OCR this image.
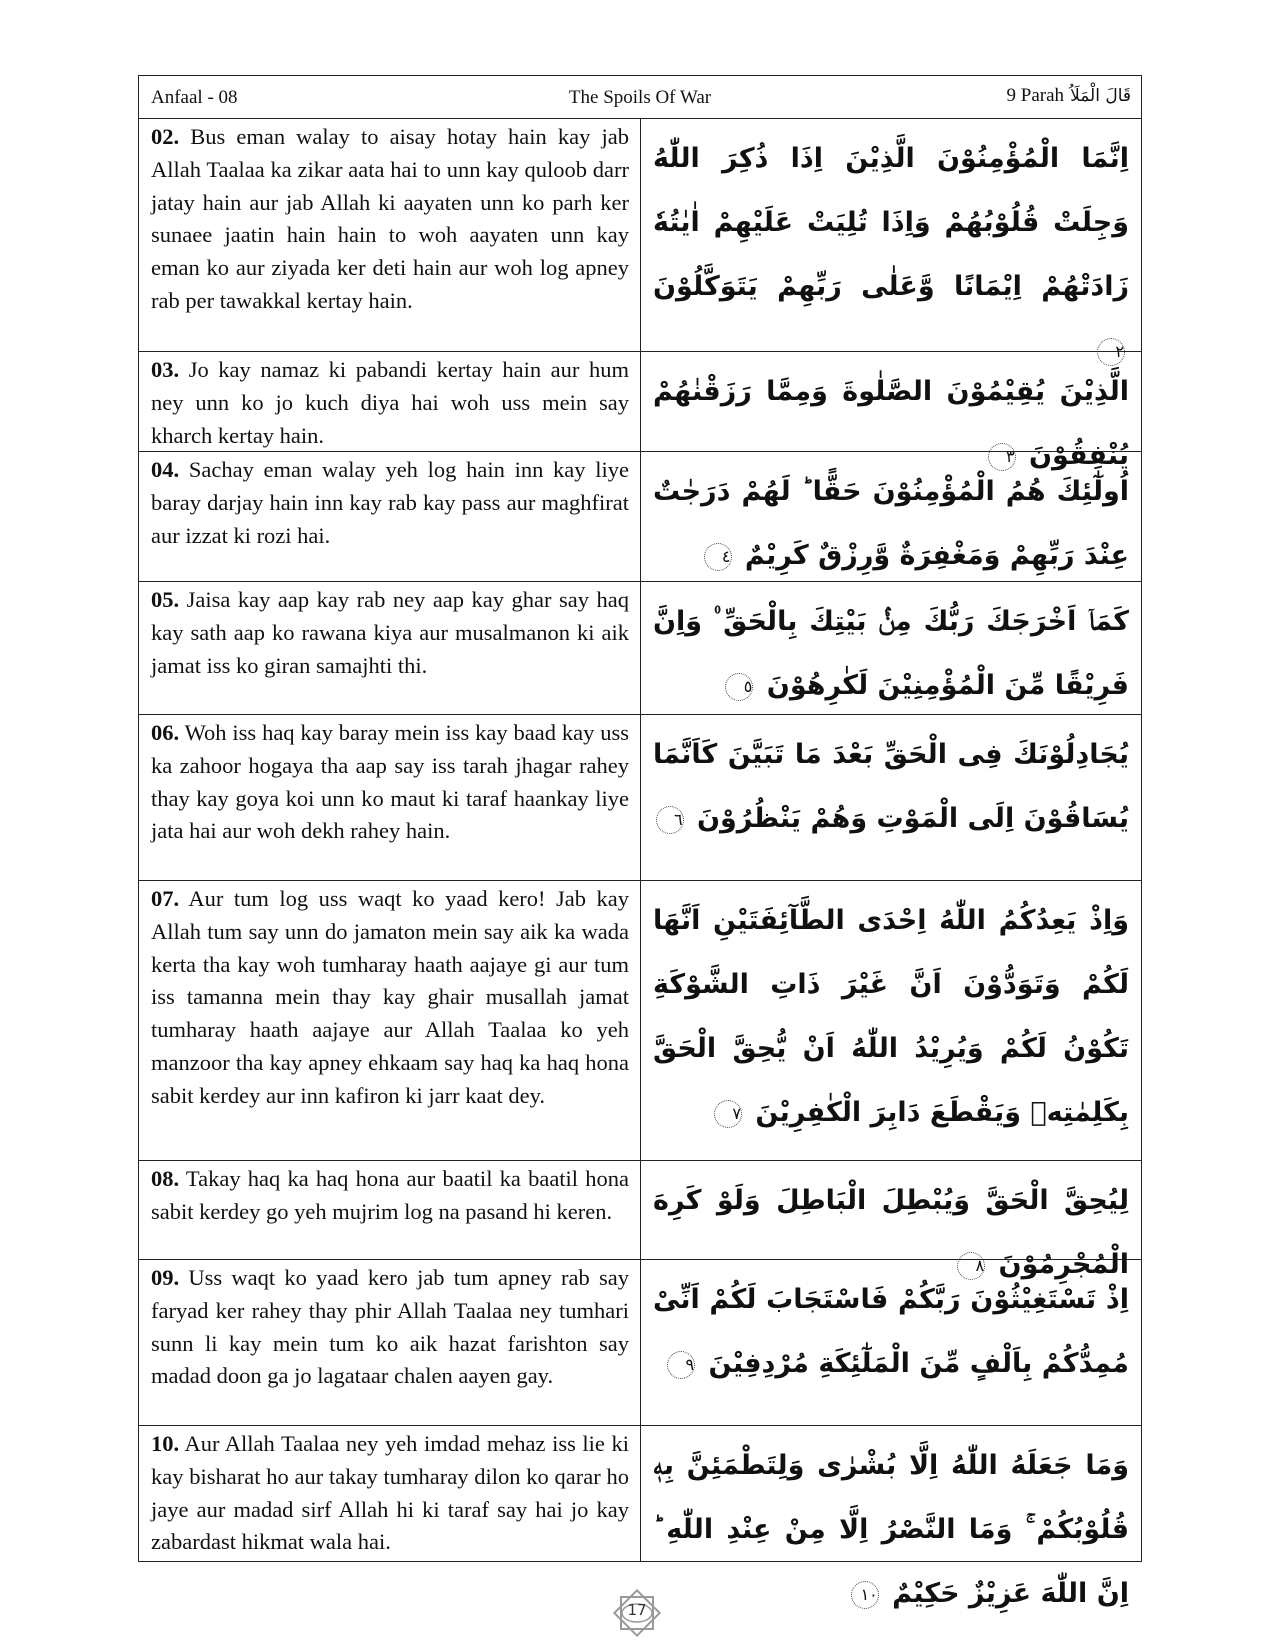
Anfaal - 08	The Spoils Of War	9 Parah قَالَ الْمَلَاُ
02. Bus eman walay to aisay hotay hain kay jab Allah Taalaa ka zikar aata hai to unn kay quloob darr jatay hain aur jab Allah ki aayaten unn ko parh ker sunaee jaatin hain hain to woh aayaten unn kay eman ko aur ziyada ker deti hain aur woh log apney rab per tawakkal kertay hain.
اِنَّمَا الْمُؤْمِنُوْنَ الَّذِيْنَ اِذَا ذُكِرَ اللّٰهُ وَجِلَتْ قُلُوْبُهُمْ وَاِذَا تُلِيَتْ عَلَيْهِمْ اٰيٰتُهٗ زَادَتْهُمْ اِيْمَانًا وَّعَلٰى رَبِّهِمْ يَتَوَكَّلُوْنَ ٢
03. Jo kay namaz ki pabandi kertay hain aur hum ney unn ko jo kuch diya hai woh uss mein say kharch kertay hain.
الَّذِيْنَ يُقِيْمُوْنَ الصَّلٰوةَ وَمِمَّا رَزَقْنٰهُمْ يُنْفِقُوْنَ ٣
04. Sachay eman walay yeh log hain inn kay liye baray darjay hain inn kay rab kay pass aur maghfirat aur izzat ki rozi hai.
اُولٰٓئِكَ هُمُ الْمُؤْمِنُوْنَ حَقًّا ؕ لَهُمْ دَرَجٰتٌ عِنْدَ رَبِّهِمْ وَمَغْفِرَةٌ وَّرِزْقٌ كَرِيْمٌ ٤
05. Jaisa kay aap kay rab ney aap kay ghar say haq kay sath aap ko rawana kiya aur musalmanon ki aik jamat iss ko giran samajhti thi.
كَمَاۤ اَخْرَجَكَ رَبُّكَ مِنْۢ بَيْتِكَ بِالْحَقِّ ۠ وَاِنَّ فَرِيْقًا مِّنَ الْمُؤْمِنِيْنَ لَكٰرِهُوْنَ ٥
06. Woh iss haq kay baray mein iss kay baad kay uss ka zahoor hogaya tha aap say iss tarah jhagar rahey thay kay goya koi unn ko maut ki taraf haankay liye jata hai aur woh dekh rahey hain.
يُجَادِلُوْنَكَ فِى الْحَقِّ بَعْدَ مَا تَبَيَّنَ كَاَنَّمَا يُسَاقُوْنَ اِلَى الْمَوْتِ وَهُمْ يَنْظُرُوْنَ ٦
07. Aur tum log uss waqt ko yaad kero! Jab kay Allah tum say unn do jamaton mein say aik ka wada kerta tha kay woh tumharay haath aajaye gi aur tum iss tamanna mein thay kay ghair musallah jamat tumharay haath aajaye aur Allah Taalaa ko yeh manzoor tha kay apney ehkaam say haq ka haq hona sabit kerdey aur inn kafiron ki jarr kaat dey.
وَاِذْ يَعِدُكُمُ اللّٰهُ اِحْدَى الطَّآئِفَتَيْنِ اَنَّهَا لَكُمْ وَتَوَدُّوْنَ اَنَّ غَيْرَ ذَاتِ الشَّوْكَةِ تَكُوْنُ لَكُمْ وَيُرِيْدُ اللّٰهُ اَنْ يُّحِقَّ الْحَقَّ بِكَلِمٰتِهٖ وَيَقْطَعَ دَابِرَ الْكٰفِرِيْنَ ٧
08. Takay haq ka haq hona aur baatil ka baatil hona sabit kerdey go yeh mujrim log na pasand hi keren.	لِيُحِقَّ الْحَقَّ وَيُبْطِلَ الْبَاطِلَ وَلَوْ كَرِهَ الْمُجْرِمُوْنَ ٨
09. Uss waqt ko yaad kero jab tum apney rab say faryad ker rahey thay phir Allah Taalaa ney tumhari sunn li kay mein tum ko aik hazat farishton say madad doon ga jo lagataar chalen aayen gay.
اِذْ تَسْتَغِيْثُوْنَ رَبَّكُمْ فَاسْتَجَابَ لَكُمْ اَنِّىْ مُمِدُّكُمْ بِاَلْفٍ مِّنَ الْمَلٰٓئِكَةِ مُرْدِفِيْنَ ٩
10. Aur Allah Taalaa ney yeh imdad mehaz iss lie ki kay bisharat ho aur takay tumharay dilon ko qarar ho jaye aur madad sirf Allah hi ki taraf say hai jo kay zabardast hikmat wala hai.
وَمَا جَعَلَهُ اللّٰهُ اِلَّا بُشْرٰى وَلِتَطْمَئِنَّ بِهٖ قُلُوْبُكُمْ ۚ وَمَا النَّصْرُ اِلَّا مِنْ عِنْدِ اللّٰهِ ؕ اِنَّ اللّٰهَ عَزِيْزٌ حَكِيْمٌ ١٠
17
